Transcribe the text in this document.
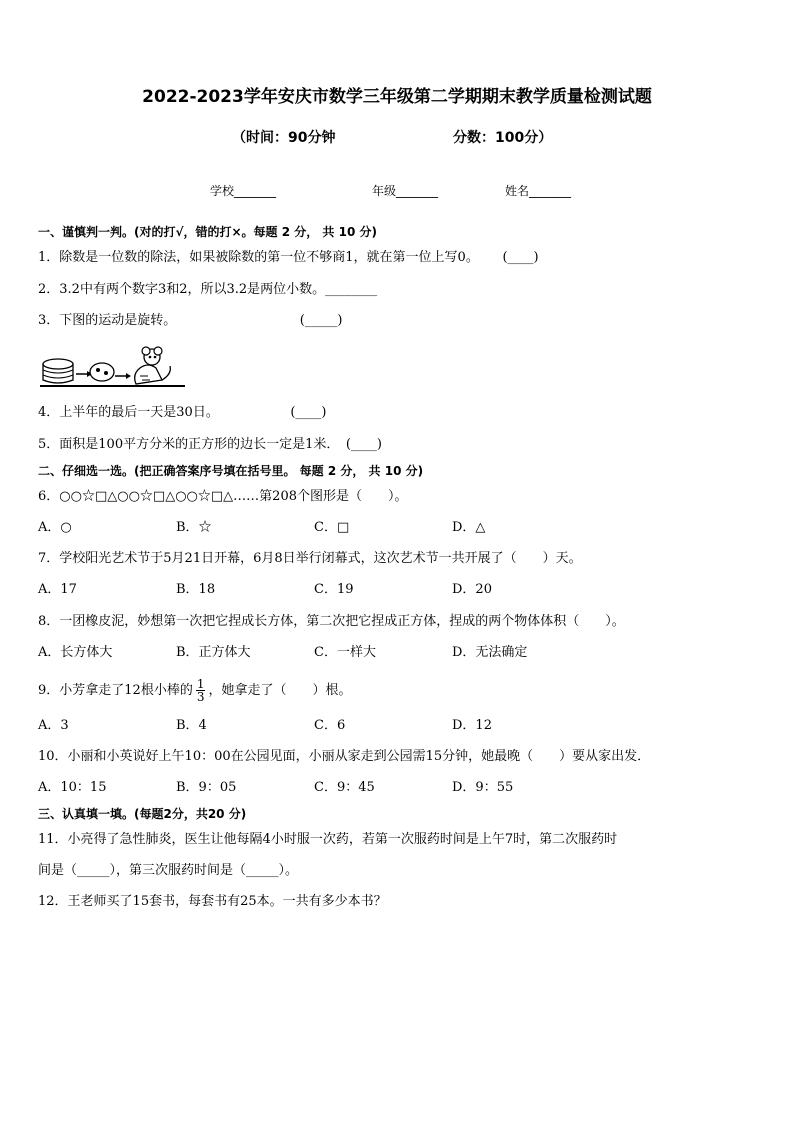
2022-2023学年安庆市数学三年级第二学期期末教学质量检测试题
（时间：90分钟	分数：100分）
学校_______	年级_______	姓名_______
一、谨慎判一判。(对的打√，错的打×。每题 2 分， 共 10 分)
1．除数是一位数的除法，如果被除数的第一位不够商1，就在第一位上写0。　 　(____)
2．3.2中有两个数字3和2，所以3.2是两位小数。________
3．下图的运动是旋转。　　　　　　　　　　(_____)
4．上半年的最后一天是30日。　　　　　　(____)
5．面积是100平方分米的正方形的边长一定是1米．　(____)
二、仔细选一选。(把正确答案序号填在括号里。 每题 2 分， 共 10 分)
6．○○☆□△○○☆□△○○☆□△……第208个图形是（　　）。
A．○	B．☆	C．□	D．△
7．学校阳光艺术节于5月21日开幕，6月8日举行闭幕式，这次艺术节一共开展了（　　）天。
A．17	B．18	C．19	D．20
8．一团橡皮泥，妙想第一次把它捏成长方体，第二次把它捏成正方体，捏成的两个物体体积（　　）。
A．长方体大	B．正方体大	C．一样大	D．无法确定
9．小芳拿走了12根小棒的 $\frac{1}{3}$ ，她拿走了（　　）根。
A．3	B．4	C．6	D．12
10．小丽和小英说好上午10：00在公园见面，小丽从家走到公园需15分钟，她最晚（　　）要从家出发．
A．10：15	B．9：05	C．9：45	D．9：55
三、认真填一填。(每题2分，共20 分)
11．小亮得了急性肺炎，医生让他每隔4小时服一次药，若第一次服药时间是上午7时，第二次服药时
间是（_____），第三次服药时间是（_____）。
12．王老师买了15套书，每套书有25本。一共有多少本书？
